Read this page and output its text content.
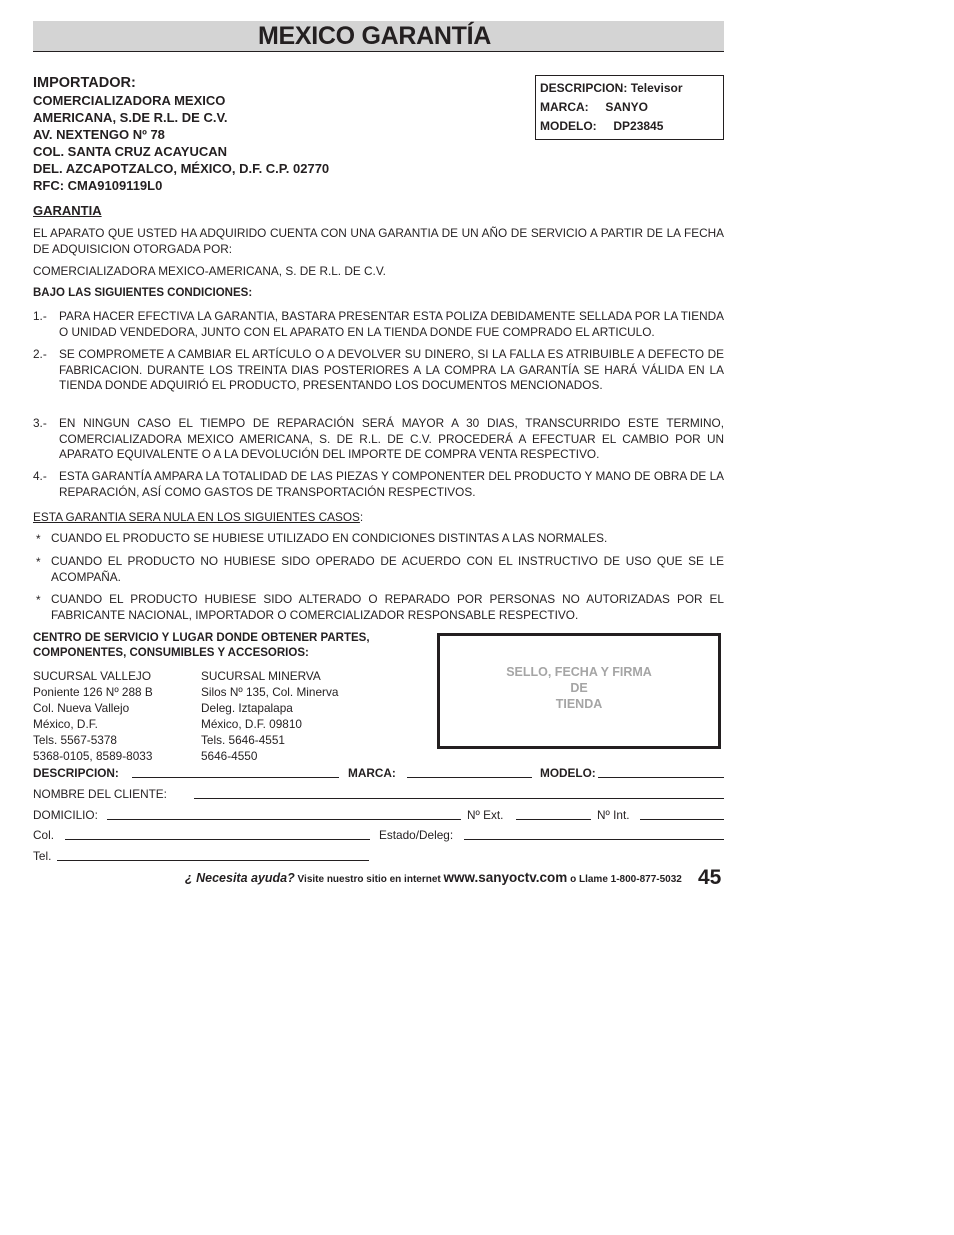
MEXICO GARANTÍA
IMPORTADOR:
COMERCIALIZADORA MEXICO
AMERICANA, S.DE R.L. DE C.V.
AV. NEXTENGO Nº 78
COL. SANTA CRUZ ACAYUCAN
DEL. AZCAPOTZALCO, MÉXICO, D.F. C.P. 02770
RFC: CMA9109119L0
DESCRIPCION: Televisor
MARCA: SANYO
MODELO: DP23845
GARANTIA
EL APARATO QUE USTED HA ADQUIRIDO CUENTA CON UNA GARANTIA DE UN AÑO DE SERVICIO A PARTIR DE LA FECHA DE ADQUISICION OTORGADA POR:
COMERCIALIZADORA MEXICO-AMERICANA, S. DE R.L. DE C.V.
BAJO LAS SIGUIENTES CONDICIONES:
1.- PARA HACER EFECTIVA LA GARANTIA, BASTARA PRESENTAR ESTA POLIZA DEBIDAMENTE SELLADA POR LA TIENDA O UNIDAD VENDEDORA, JUNTO CON EL APARATO EN LA TIENDA DONDE FUE COMPRADO EL ARTICULO.
2.- SE COMPROMETE A CAMBIAR EL ARTÍCULO O A DEVOLVER SU DINERO, SI LA FALLA ES ATRIBUIBLE A DEFECTO DE FABRICACION. DURANTE LOS TREINTA DIAS POSTERIORES A LA COMPRA LA GARANTÍA SE HARÁ VÁLIDA EN LA TIENDA DONDE ADQUIRIÓ EL PRODUCTO, PRESENTANDO LOS DOCUMENTOS MENCIONADOS.
3.- EN NINGUN CASO EL TIEMPO DE REPARACIÓN SERÁ MAYOR A 30 DIAS, TRANSCURRIDO ESTE TERMINO, COMERCIALIZADORA MEXICO AMERICANA, S. DE R.L. DE C.V. PROCEDERÁ A EFECTUAR EL CAMBIO POR UN APARATO EQUIVALENTE O A LA DEVOLUCIÓN DEL IMPORTE DE COMPRA VENTA RESPECTIVO.
4.- ESTA GARANTÍA AMPARA LA TOTALIDAD DE LAS PIEZAS Y COMPONENTER DEL PRODUCTO Y MANO DE OBRA DE LA REPARACIÓN, ASÍ COMO GASTOS DE TRANSPORTACIÓN RESPECTIVOS.
ESTA GARANTIA SERA NULA EN LOS SIGUIENTES CASOS:
* CUANDO EL PRODUCTO SE HUBIESE UTILIZADO EN CONDICIONES DISTINTAS A LAS NORMALES.
* CUANDO EL PRODUCTO NO HUBIESE SIDO OPERADO DE ACUERDO CON EL INSTRUCTIVO DE USO QUE SE LE ACOMPAÑA.
* CUANDO EL PRODUCTO HUBIESE SIDO ALTERADO O REPARADO POR PERSONAS NO AUTORIZADAS POR EL FABRICANTE NACIONAL, IMPORTADOR O COMERCIALIZADOR RESPONSABLE RESPECTIVO.
CENTRO DE SERVICIO Y LUGAR DONDE OBTENER PARTES,
COMPONENTES, CONSUMIBLES Y ACCESORIOS:
SUCURSAL VALLEJO
Poniente 126 Nº 288 B
Col. Nueva Vallejo
México, D.F.
Tels. 5567-5378
5368-0105, 8589-8033
SUCURSAL MINERVA
Silos Nº 135, Col. Minerva
Deleg. Iztapalapa
México, D.F. 09810
Tels. 5646-4551
5646-4550
SELLO, FECHA Y FIRMA
DE
TIENDA
DESCRIPCION:	MARCA:	MODELO:
NOMBRE DEL CLIENTE:
DOMICILIO:	Nº Ext.	Nº Int.
Col.	Estado/Deleg:
Tel.
¿ Necesita ayuda? Visite nuestro sitio en internet www.sanyoctv.com o Llame 1-800-877-5032 45
